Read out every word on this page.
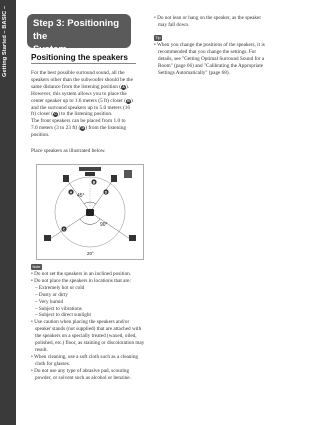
Getting Started – BASIC –	Step 3: Positioning the
System
Positioning the speakers
For the best possible surround sound, all the
speakers other than the subwoofer should be the
same distance from the listening position (A).
However, this system allows you to place the
center speaker up to 1.6 meters (5 ft) closer (B)
and the surround speakers up to 5.0 meters (16
ft) closer (C) to the listening position.
The front speakers can be placed from 1.0 to
7.0 meters (3 to 23 ft) (D) from the listening
position.
Place speakers as illustrated below.
45°
90°
20°
A
B
C
D
Note
• Do not set the speakers in an inclined position.
• Do not place the speakers in locations that are:
– Extremely hot or cold
– Dusty or dirty
– Very humid
– Subject to vibrations
– Subject to direct sunlight
• Use caution when placing the speakers and/or
speaker stands (not supplied) that are attached with
the speakers on a specially treated (waxed, oiled,
polished, etc.) floor, as staining or discoloration may
result.
• When cleaning, use a soft cloth such as a cleaning
cloth for glasses.
• Do not use any type of abrasive pad, scouring
powder, or solvent such as alcohol or benzine.
• Do not lean or hang on the speaker, as the speaker
may fall down.
Tip
• When you change the positions of the speakers, it is
recommended that you change the settings. For
details, see "Getting Optimal Surround Sound for a
Room" (page 66) and "Calibrating the Appropriate
Settings Automatically" (page 68).
